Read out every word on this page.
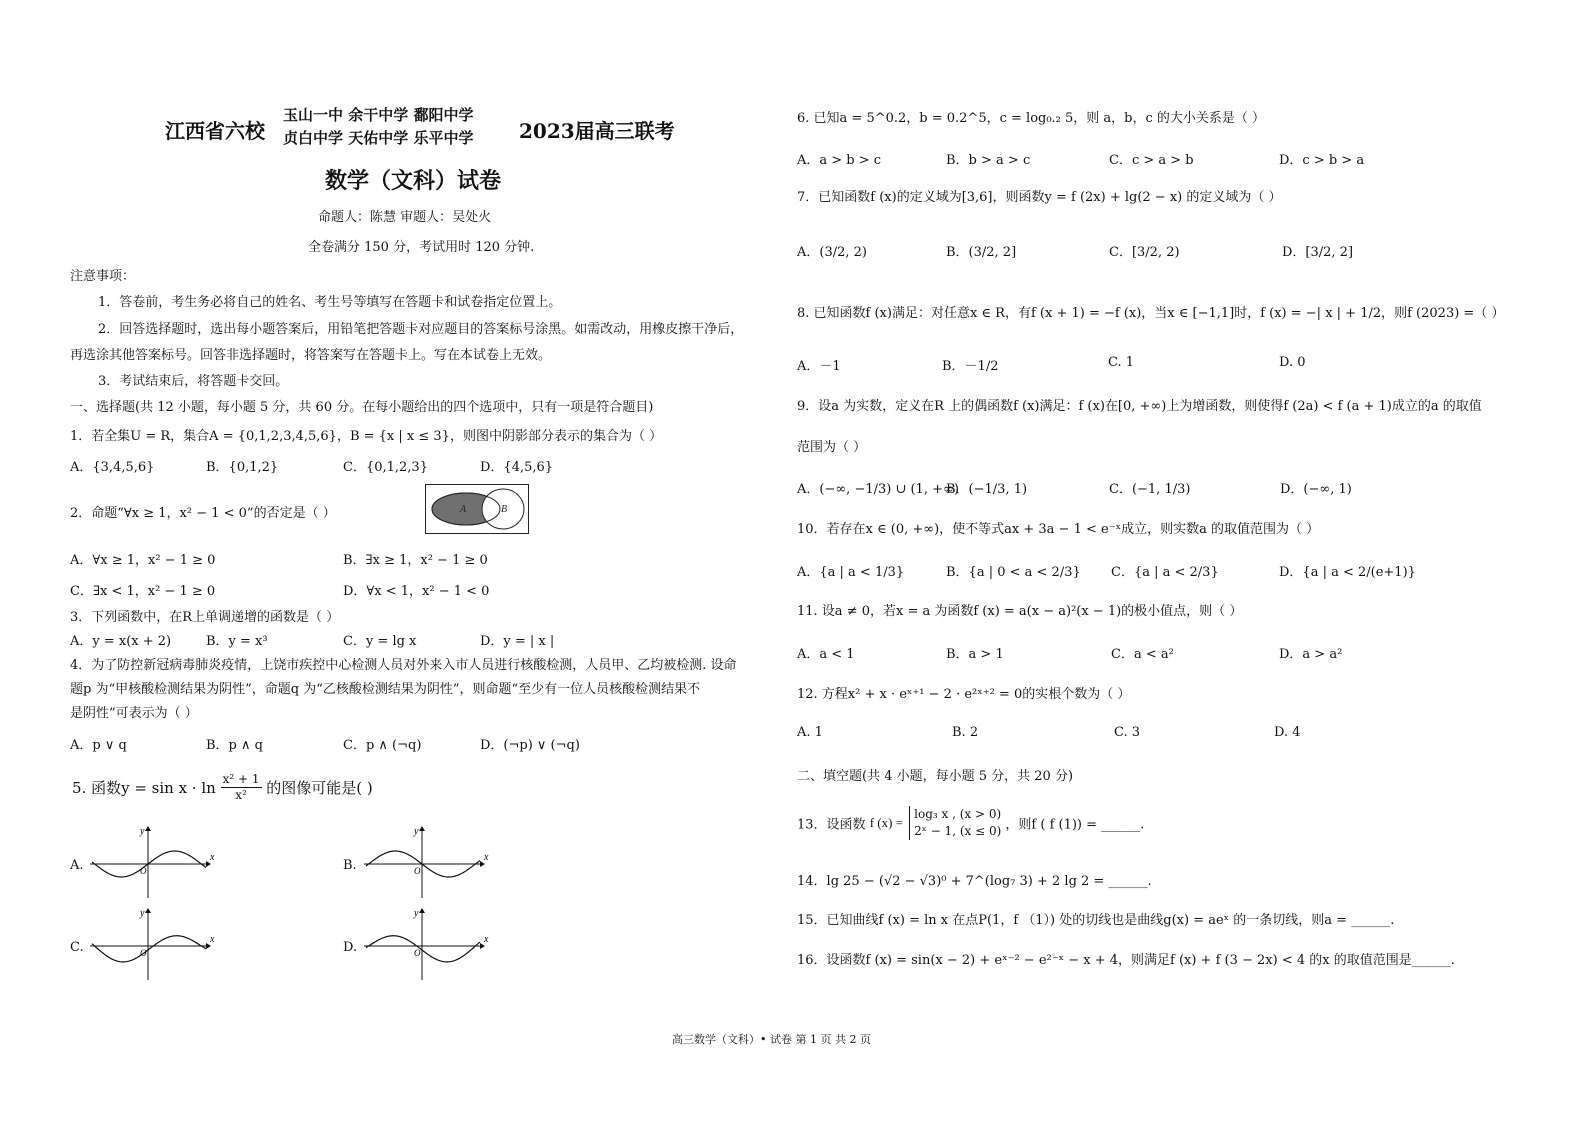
江西省六校
玉山一中 余干中学 鄱阳中学
贞白中学 天佑中学 乐平中学 2023届高三联考
数学（文科）试卷
命题人：陈慧 审题人：吴处火
全卷满分 150 分，考试用时 120 分钟.
注意事项：
1．答卷前，考生务必将自己的姓名、考生号等填写在答题卡和试卷指定位置上。
2．回答选择题时，选出每小题答案后，用铅笔把答题卡对应题目的答案标号涂黑。如需改动，用橡皮擦干净后，
再选涂其他答案标号。回答非选择题时，将答案写在答题卡上。写在本试卷上无效。
3．考试结束后，将答题卡交回。
一、选择题(共 12 小题，每小题 5 分，共 60 分。在每小题给出的四个选项中，只有一项是符合题目)
1．若全集U = R，集合A = {0,1,2,3,4,5,6}，B = {x | x ≤ 3}，则图中阴影部分表示的集合为（ ）
A．{3,4,5,6}	B．{0,1,2}	C．{0,1,2,3}	D．{4,5,6}
A	B
2．命题“∀x ≥ 1，x² − 1 < 0”的否定是（ ）
A．∀x ≥ 1，x² − 1 ≥ 0	B．∃x ≥ 1，x² − 1 ≥ 0
C．∃x < 1，x² − 1 ≥ 0	D．∀x < 1，x² − 1 < 0
3．下列函数中，在R上单调递增的函数是（ ）
A．y = x(x + 2)	B．y = x³	C．y = lg x	D．y = | x |
4．为了防控新冠病毒肺炎疫情，上饶市疾控中心检测人员对外来入市人员进行核酸检测，人员甲、乙均被检测. 设命
题p 为“甲核酸检测结果为阴性”，命题q 为“乙核酸检测结果为阴性”，则命题“至少有一位人员核酸检测结果不
是阴性”可表示为（ ）
A．p ∨ q	B．p ∧ q	C．p ∧ (¬q)	D．(¬p) ∨ (¬q)
5. 函数$y = \sin x \cdot \ln \frac{\text{x² + 1}}{\text{x²}}$ 的图像可能是( )
A.	B.
C.	D.
x
y
O
x
y
O
x
y
O
x
y
O
6. 已知a = 5^0.2，b = 0.2^5，c = log₀.₂ 5，则 a，b，c 的大小关系是（ ）
A．a > b > c	B．b > a > c	C．c > a > b	D．c > b > a
7．已知函数f (x)的定义域为[3,6]，则函数y = f (2x) + lg(2 − x) 的定义域为（ ）
A．(3/2, 2)	B．(3/2, 2]	C．[3/2, 2)	D．[3/2, 2]
8. 已知函数f (x)满足：对任意x ∈ R，有f (x + 1) = −f (x)，当x ∈ [−1,1]时，f (x) = −| x | + 1/2，则f (2023) =（ ）
A．－1	B．－1/2	C. 1	D. 0
9．设a 为实数，定义在R 上的偶函数f (x)满足：f (x)在[0, +∞)上为增函数，则使得f (2a) < f (a + 1)成立的a 的取值
范围为（ ）
A．(−∞, −1/3) ∪ (1, +∞)
B．(−1/3, 1)	C．(−1, 1/3)	D．(−∞, 1)
10．若存在x ∈ (0, +∞)，使不等式ax + 3a − 1 < e⁻ˣ成立，则实数a 的取值范围为（ ）
A．{a | a < 1/3}	B．{a | 0 < a < 2/3} C．{a | a < 2/3}	D．{a | a < 2/(e+1)}
11. 设a ≠ 0，若x = a 为函数f (x) = a(x − a)²(x − 1)的极小值点，则（ ）
A．a < 1	B．a > 1	C．a < a²	D．a > a²
12. 方程x² + x · eˣ⁺¹ − 2 · e²ˣ⁺² = 0的实根个数为（ ）
A. 1	B. 2	C. 3	D. 4
二、填空题(共 4 小题，每小题 5 分，共 20 分)
13．设函数 f (x) =
log₃ x , (x > 0)
2ˣ − 1, (x ≤ 0) ，则f ( f (1)) = ______.
14．lg 25 − (√2 − √3)⁰ + 7^(log₇ 3) + 2 lg 2 = ______.
15．已知曲线f (x) = ln x 在点P(1，f （1）) 处的切线也是曲线g(x) = aeˣ 的一条切线，则a = ______.
16．设函数f (x) = sin(x − 2) + eˣ⁻² − e²⁻ˣ − x + 4，则满足f (x) + f (3 − 2x) < 4 的x 的取值范围是______.
高三数学（文科）• 试卷 第 1 页 共 2 页
